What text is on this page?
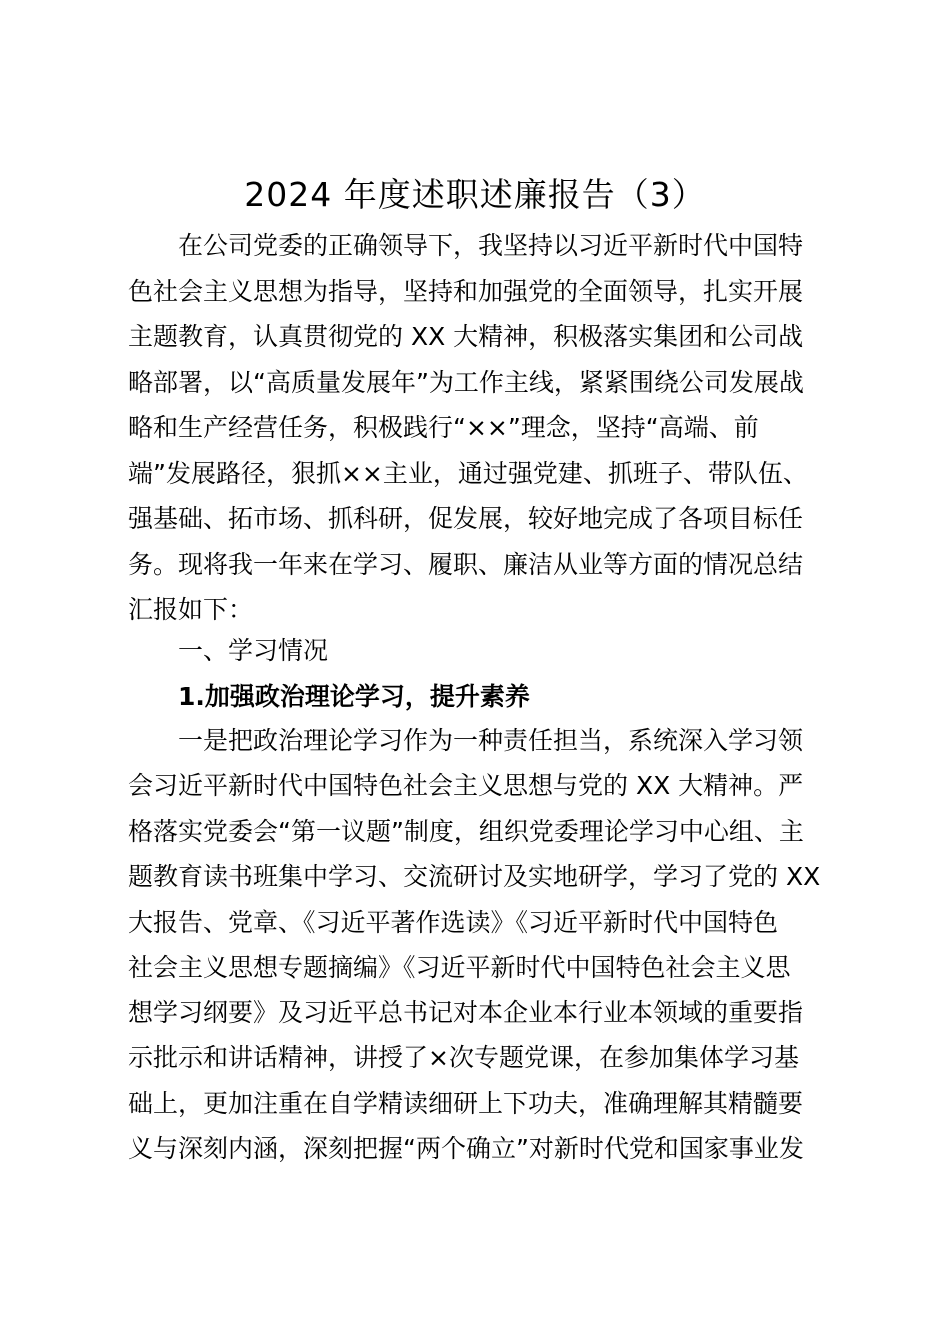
2024 年度述职述廉报告（3）
在公司党委的正确领导下，我坚持以习近平新时代中国特
色社会主义思想为指导，坚持和加强党的全面领导，扎实开展
主题教育，认真贯彻党的 XX 大精神，积极落实集团和公司战
略部署，以“高质量发展年”为工作主线，紧紧围绕公司发展战
略和生产经营任务，积极践行“××”理念，坚持“高端、前
端”发展路径，狠抓××主业，通过强党建、抓班子、带队伍、
强基础、拓市场、抓科研，促发展，较好地完成了各项目标任
务。现将我一年来在学习、履职、廉洁从业等方面的情况总结
汇报如下：
一、学习情况
1.加强政治理论学习，提升素养
一是把政治理论学习作为一种责任担当，系统深入学习领
会习近平新时代中国特色社会主义思想与党的 XX 大精神。严
格落实党委会“第一议题”制度，组织党委理论学习中心组、主
题教育读书班集中学习、交流研讨及实地研学，学习了党的 XX
大报告、党章、《习近平著作选读》《习近平新时代中国特色
社会主义思想专题摘编》《习近平新时代中国特色社会主义思
想学习纲要》及习近平总书记对本企业本行业本领域的重要指
示批示和讲话精神，讲授了×次专题党课，在参加集体学习基
础上，更加注重在自学精读细研上下功夫，准确理解其精髓要
义与深刻内涵，深刻把握“两个确立”对新时代党和国家事业发
